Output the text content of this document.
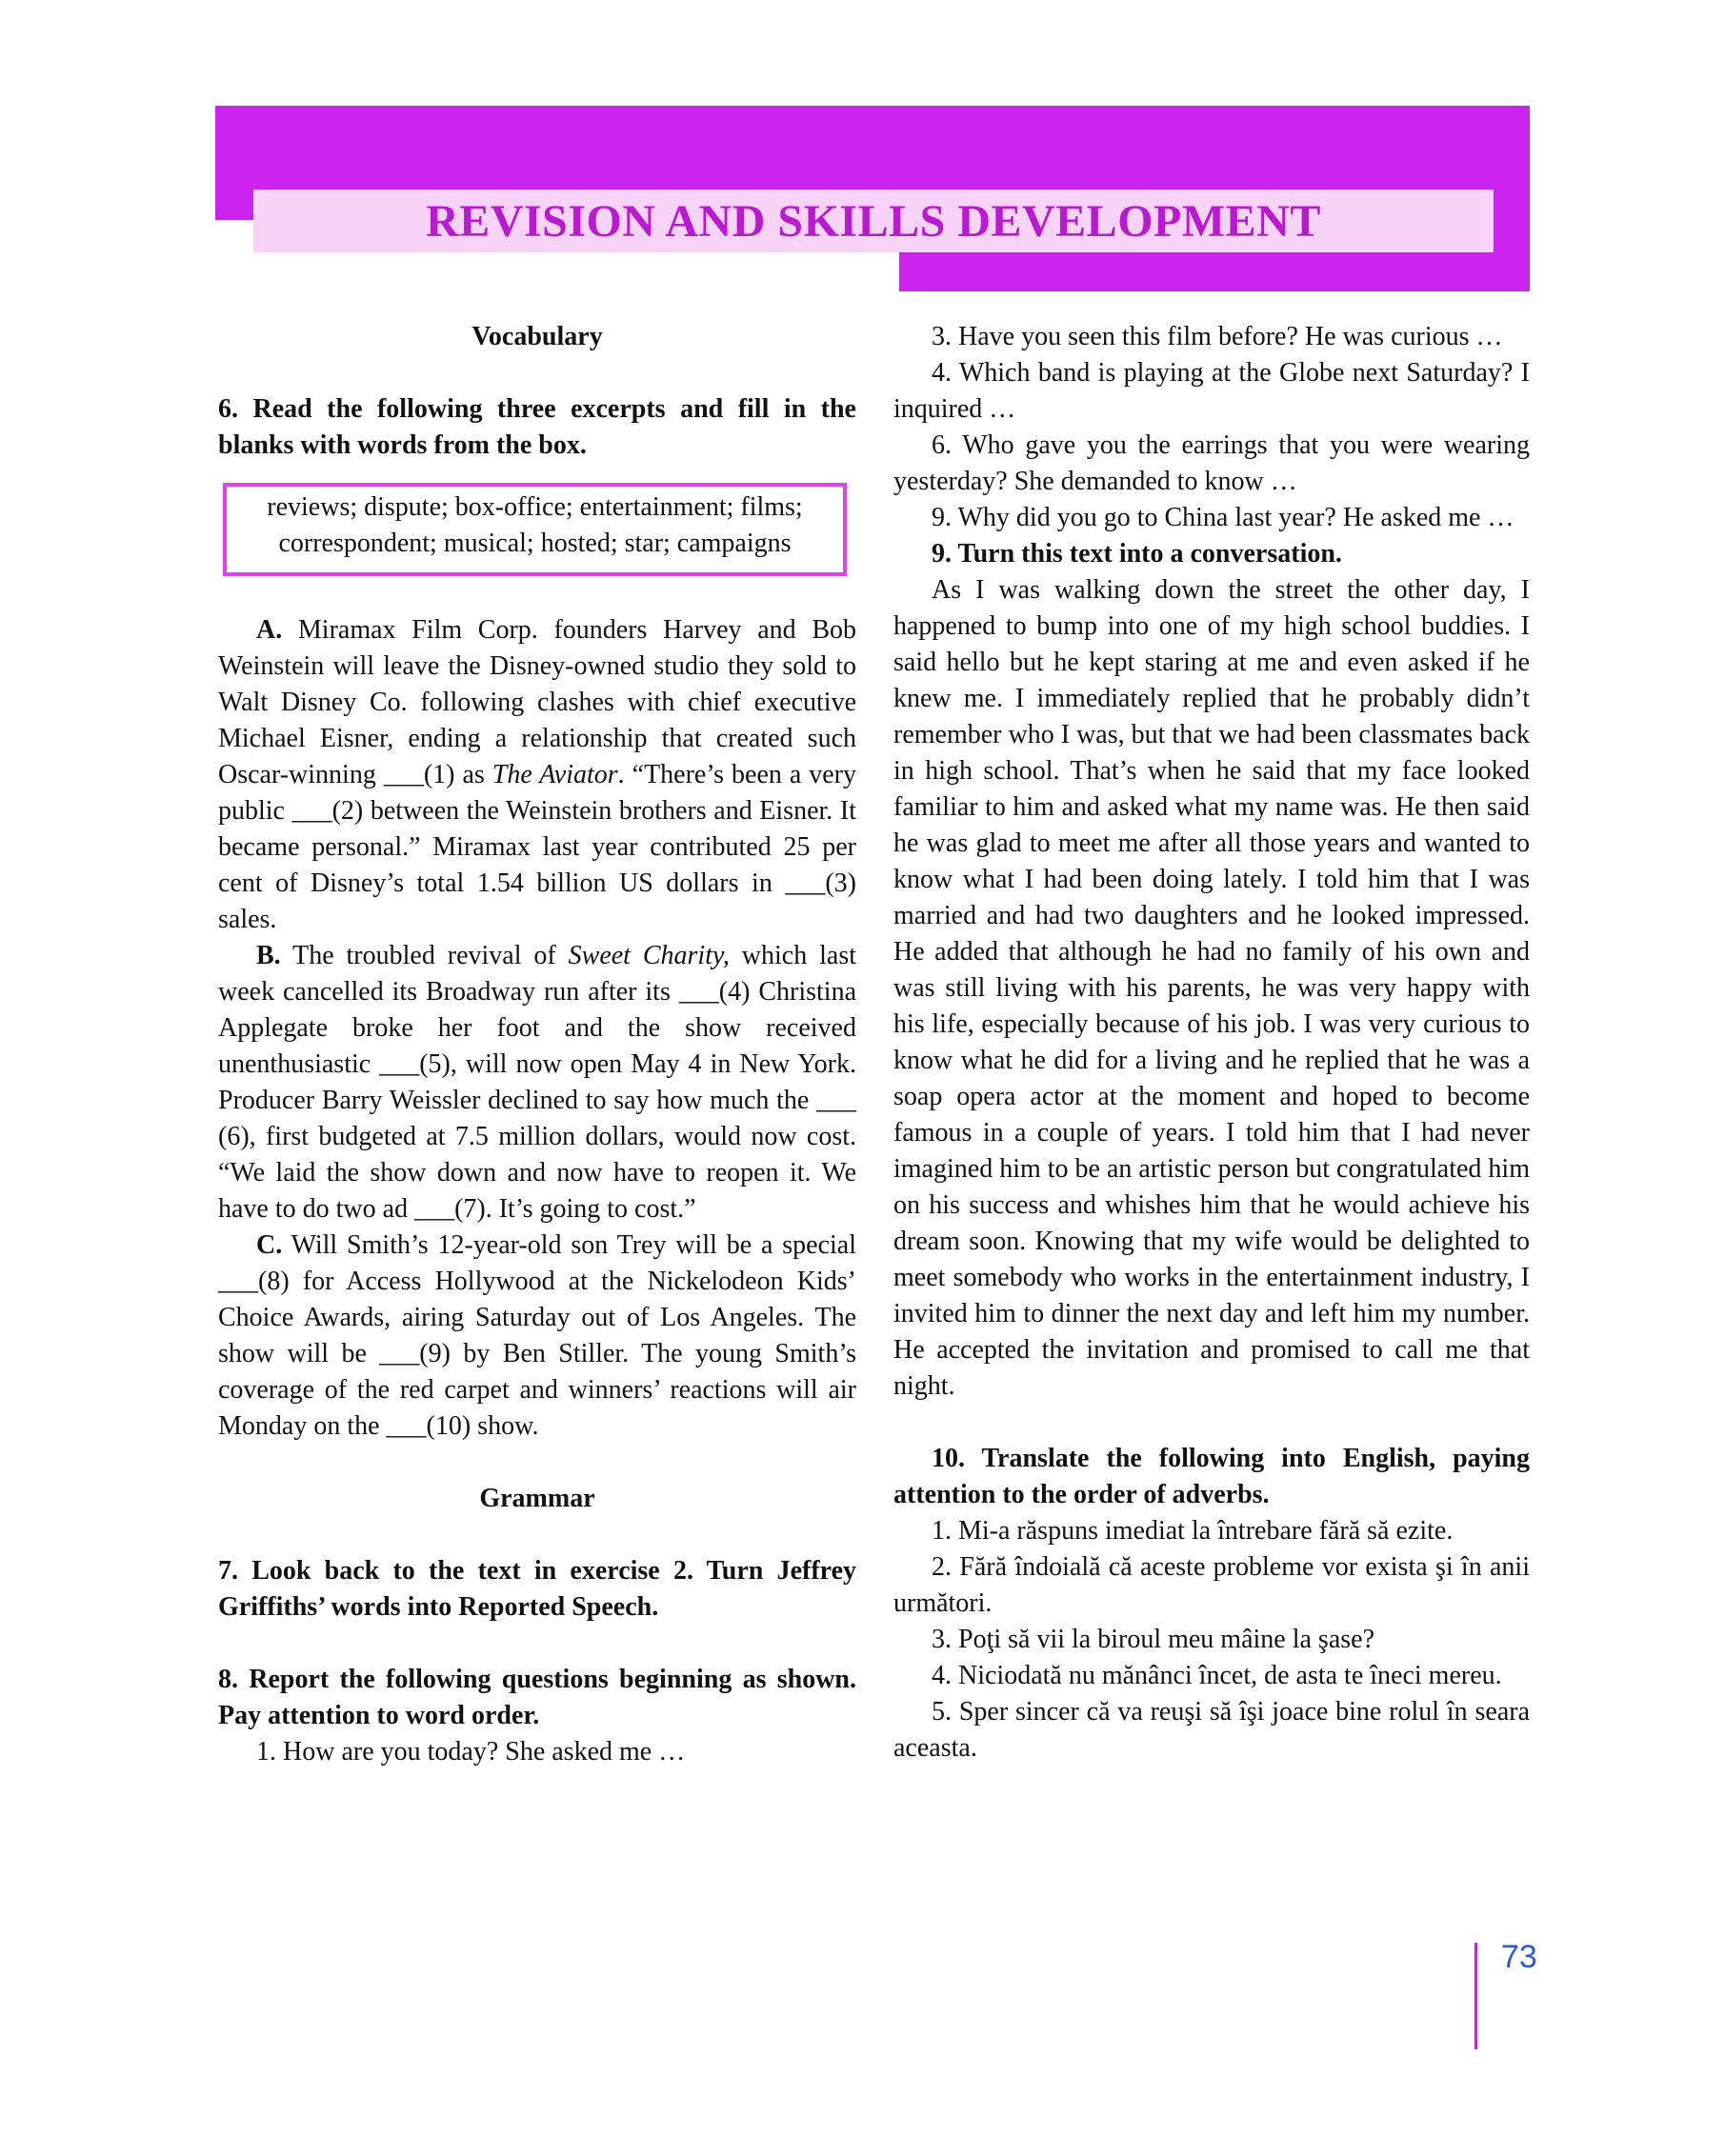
REVISION AND SKILLS DEVELOPMENT

Vocabulary

6. Read the following three excerpts and fill in the blanks with words from the box.

reviews; dispute; box-office; entertainment; films;
correspondent; musical; hosted; star; campaigns

A. Miramax Film Corp. founders Harvey and Bob Weinstein will leave the Disney-owned studio they sold to Walt Disney Co. following clashes with chief executive Michael Eisner, ending a relationship that created such Oscar-winning ___(1) as The Aviator. “There’s been a very public ___(2) between the Weinstein brothers and Eisner. It became personal.” Miramax last year contributed 25 per cent of Disney’s total 1.54 billion US dollars in ___(3) sales.

B. The troubled revival of Sweet Charity, which last week cancelled its Broadway run after its ___(4) Christina Applegate broke her foot and the show received unenthusiastic ___(5), will now open May 4 in New York. Producer Barry Weissler declined to say how much the ___ (6), first budgeted at 7.5 million dollars, would now cost. “We laid the show down and now have to reopen it. We have to do two ad ___(7). It’s going to cost.”

C. Will Smith’s 12-year-old son Trey will be a special ___(8) for Access Hollywood at the Nickelodeon Kids’ Choice Awards, airing Saturday out of Los Angeles. The show will be ___(9) by Ben Stiller. The young Smith’s coverage of the red carpet and winners’ reactions will air Monday on the ___(10) show.

Grammar

7. Look back to the text in exercise 2. Turn Jeffrey Griffiths’ words into Reported Speech.

8. Report the following questions beginning as shown. Pay attention to word order.

1. How are you today? She asked me …

3. Have you seen this film before? He was curious …

4. Which band is playing at the Globe next Saturday? I inquired …

6. Who gave you the earrings that you were wearing yesterday? She demanded to know …

9. Why did you go to China last year? He asked me …

9. Turn this text into a conversation.

As I was walking down the street the other day, I happened to bump into one of my high school buddies. I said hello but he kept staring at me and even asked if he knew me. I immediately replied that he probably didn’t remember who I was, but that we had been classmates back in high school. That’s when he said that my face looked familiar to him and asked what my name was. He then said he was glad to meet me after all those years and wanted to know what I had been doing lately. I told him that I was married and had two daughters and he looked impressed. He added that although he had no family of his own and was still living with his parents, he was very happy with his life, especially because of his job. I was very curious to know what he did for a living and he replied that he was a soap opera actor at the moment and hoped to become famous in a couple of years. I told him that I had never imagined him to be an artistic person but congratulated him on his success and whishes him that he would achieve his dream soon. Knowing that my wife would be delighted to meet somebody who works in the entertainment industry, I invited him to dinner the next day and left him my number. He accepted the invitation and promised to call me that night.

10. Translate the following into English, paying attention to the order of adverbs.

1. Mi-a răspuns imediat la întrebare fără să ezite.

2. Fără îndoială că aceste probleme vor exista şi în anii următori.

3. Poţi să vii la biroul meu mâine la şase?

4. Niciodată nu mănânci încet, de asta te îneci mereu.

5. Sper sincer că va reuşi să îşi joace bine rolul în seara aceasta.

73
